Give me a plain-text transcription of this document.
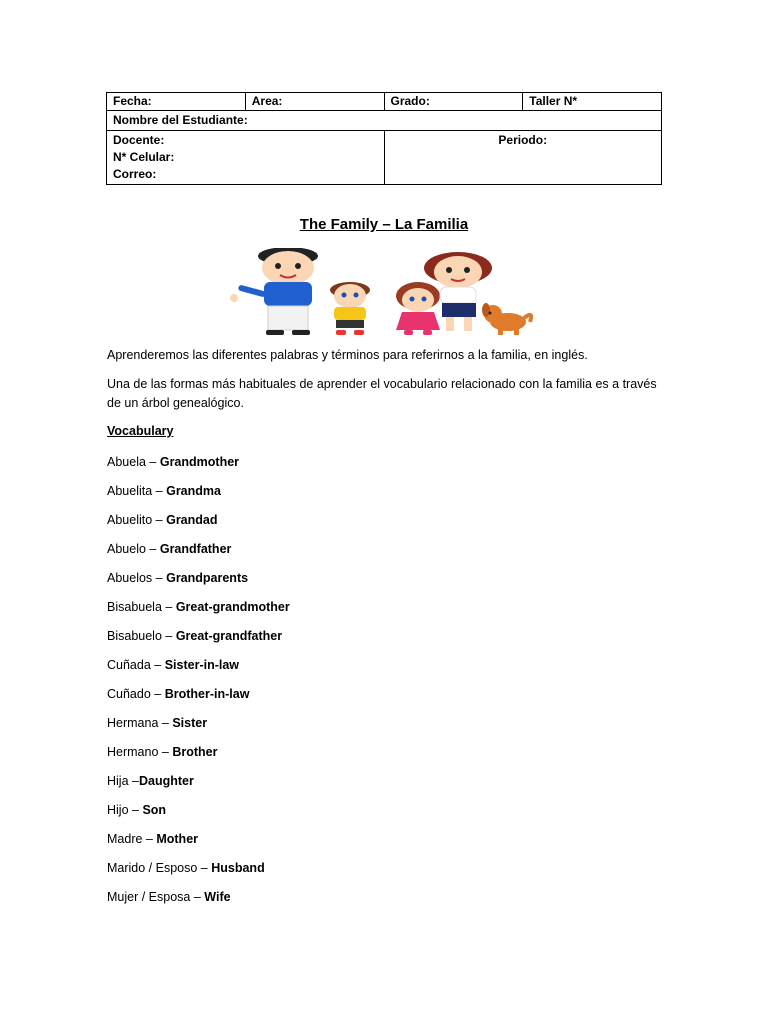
Fecha:	Area:	Grado:	Taller N*
Nombre del Estudiante:			

Docente:
N* Celular:
Correo:		Periodo:	
The Family – La Familia
Aprenderemos las diferentes palabras y términos para referirnos a la familia, en inglés.
Una de las formas más habituales de aprender el vocabulario relacionado con la familia es a través de un árbol genealógico.
Vocabulary
Abuela – Grandmother
Abuelita – Grandma
Abuelito – Grandad
Abuelo – Grandfather
Abuelos – Grandparents
Bisabuela – Great-grandmother
Bisabuelo – Great-grandfather
Cuñada – Sister-in-law
Cuñado – Brother-in-law
Hermana – Sister
Hermano – Brother
Hija –Daughter
Hijo – Son
Madre – Mother
Marido / Esposo – Husband
Mujer / Esposa – Wife
